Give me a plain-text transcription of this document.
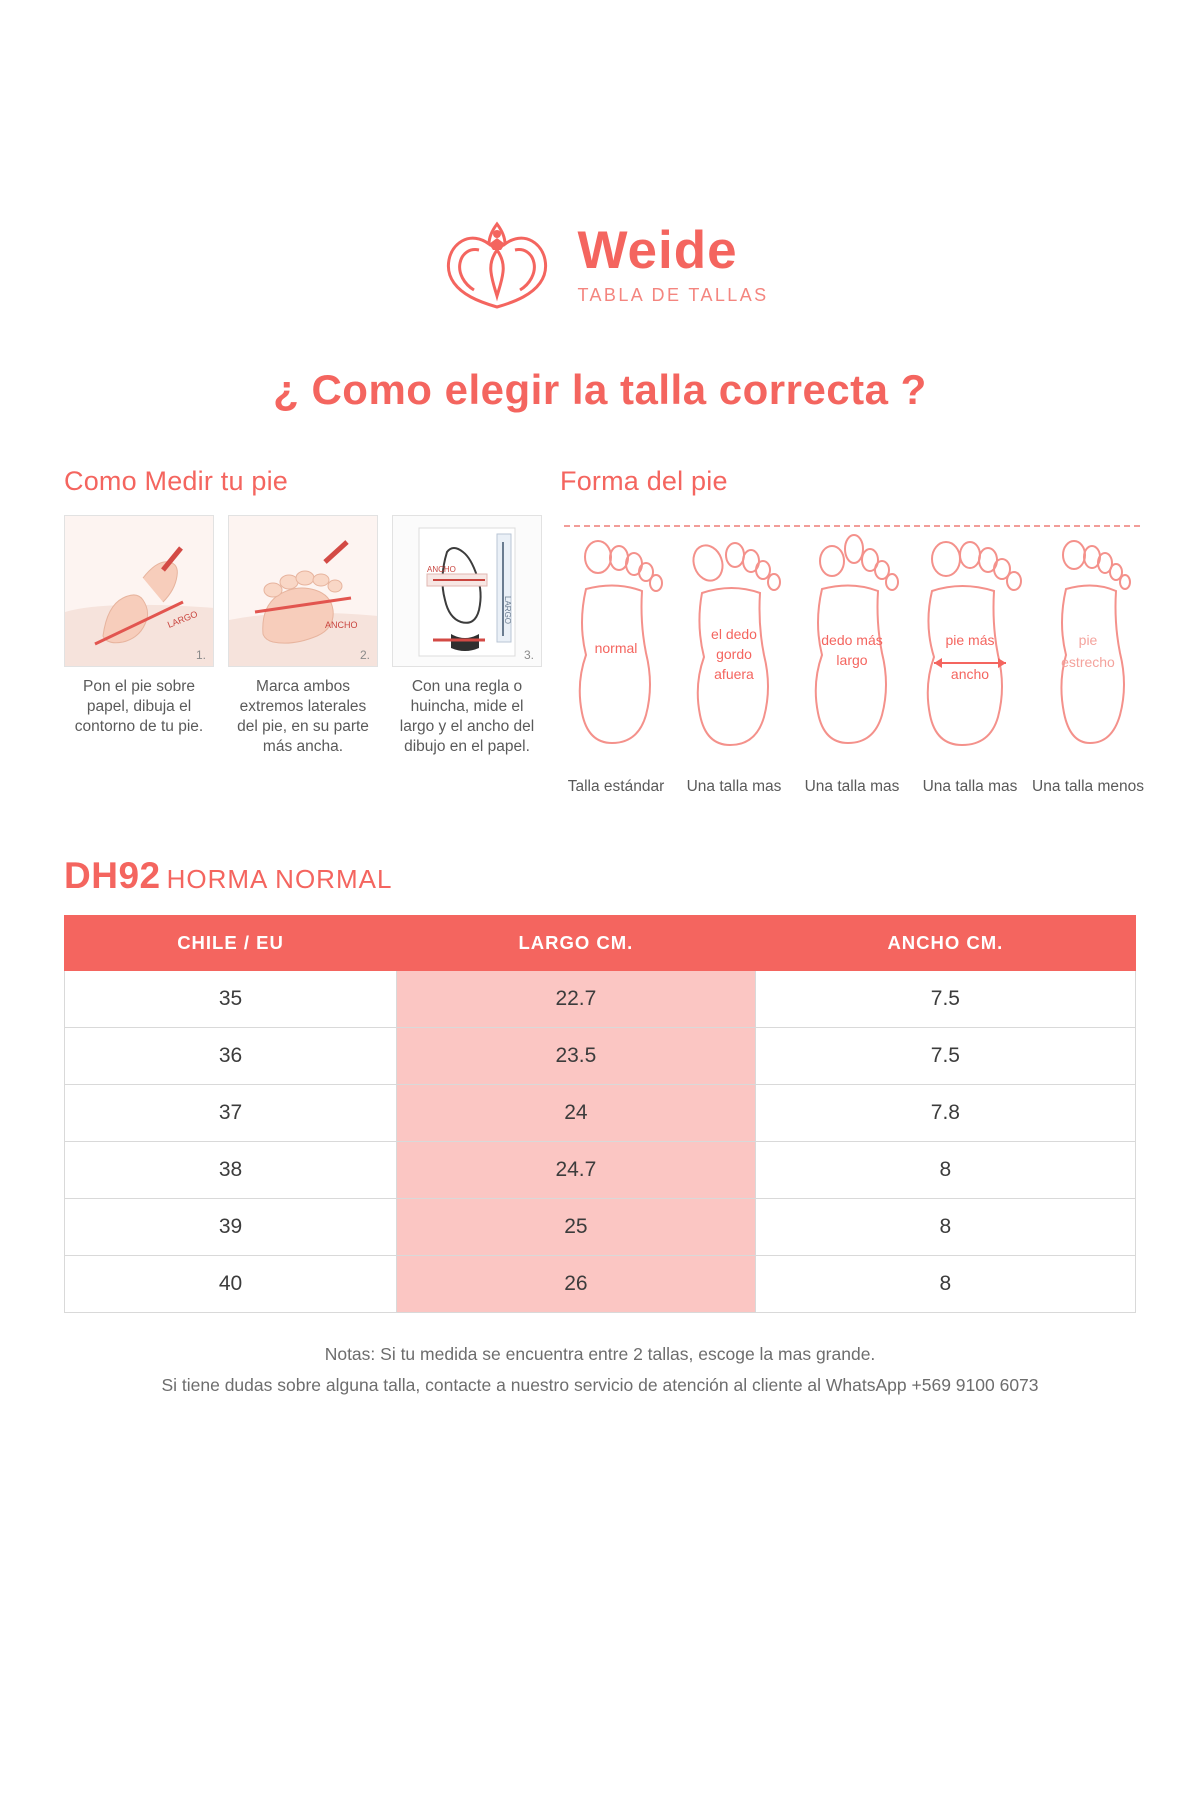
Weide
TABLA DE TALLAS
¿ Como elegir la talla correcta ?
Como Medir tu pie
LARGO
1.
Pon el pie sobre papel, dibuja el contorno de tu pie.
ANCHO
2.
Marca ambos extremos laterales del pie, en su parte más ancha.
ANCHO
LARGO
3.
Con una regla o huincha, mide el largo y el ancho del dibujo en el papel.
Forma del pie
normal
Talla estándar
el dedo
gordo
afuera
Una talla mas
dedo más
largo
Una talla mas
pie más
ancho
Una talla mas
pie
estrecho
Una talla menos
DH92 HORMA NORMAL
CHILE / EU	LARGO CM.	ANCHO CM.
35	22.7	7.5
36	23.5	7.5
37	24	7.8
38	24.7	8
39	25	8
40	26	8
Notas: Si tu medida se encuentra entre 2 tallas, escoge la mas grande.
Si tiene dudas sobre alguna talla, contacte a nuestro servicio de atención al cliente al WhatsApp +569 9100 6073
